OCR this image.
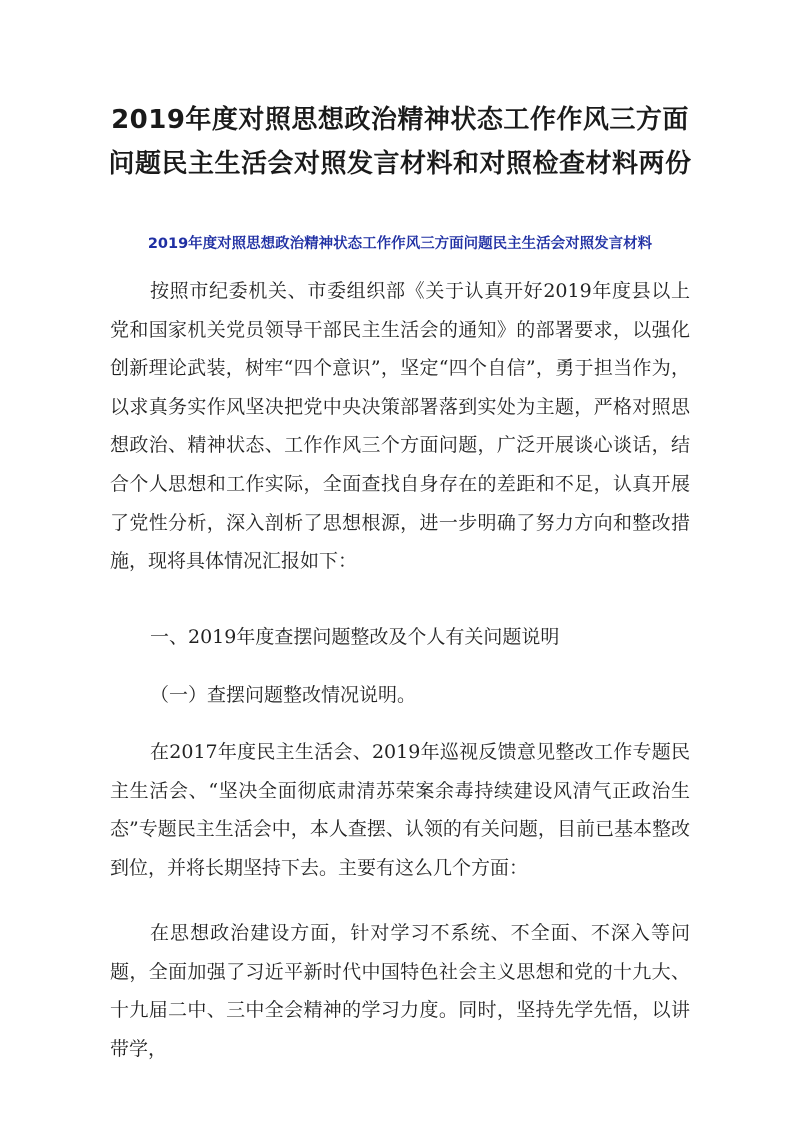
2019年度对照思想政治精神状态工作作风三方面问题民主生活会对照发言材料和对照检查材料两份
2019年度对照思想政治精神状态工作作风三方面问题民主生活会对照发言材料

按照市纪委机关、市委组织部《关于认真开好2019年度县以上党和国家机关党员领导干部民主生活会的通知》的部署要求，以强化创新理论武装，树牢“四个意识”，坚定“四个自信”，勇于担当作为，以求真务实作风坚决把党中央决策部署落到实处为主题，严格对照思想政治、精神状态、工作作风三个方面问题，广泛开展谈心谈话，结合个人思想和工作实际，全面查找自身存在的差距和不足，认真开展了党性分析，深入剖析了思想根源，进一步明确了努力方向和整改措施，现将具体情况汇报如下：

一、2019年度查摆问题整改及个人有关问题说明

（一）查摆问题整改情况说明。

在2017年度民主生活会、2019年巡视反馈意见整改工作专题民主生活会、“坚决全面彻底肃清苏荣案余毒持续建设风清气正政治生态”专题民主生活会中，本人查摆、认领的有关问题，目前已基本整改到位，并将长期坚持下去。主要有这么几个方面：

在思想政治建设方面，针对学习不系统、不全面、不深入等问题，全面加强了习近平新时代中国特色社会主义思想和党的十九大、十九届二中、三中全会精神的学习力度。同时，坚持先学先悟，以讲带学，
